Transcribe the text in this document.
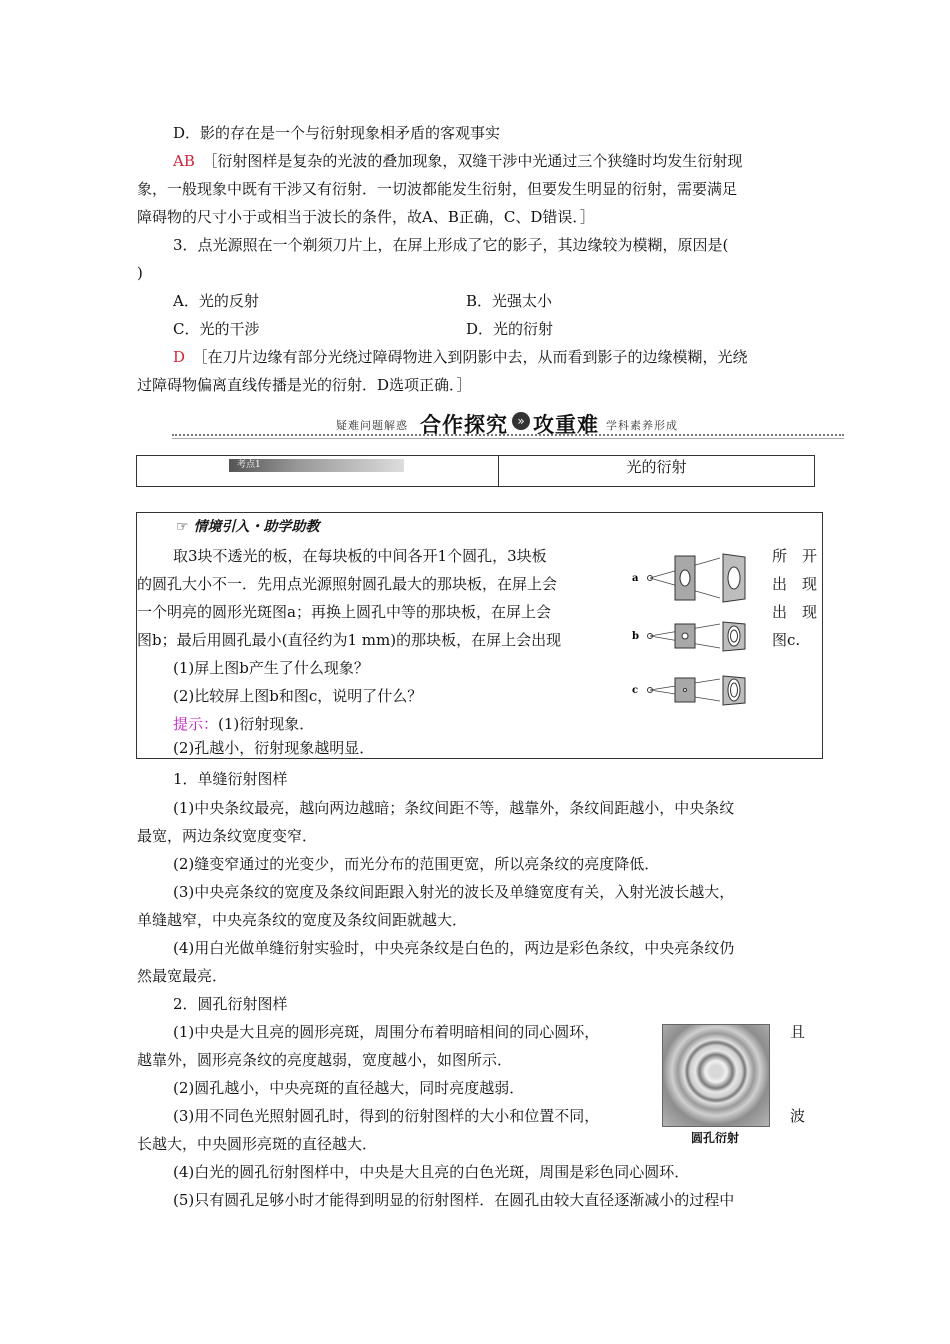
D．影的存在是一个与衍射现象相矛盾的客观事实
AB  ［衍射图样是复杂的光波的叠加现象，双缝干涉中光通过三个狭缝时均发生衍射现
象，一般现象中既有干涉又有衍射．一切波都能发生衍射，但要发生明显的衍射，需要满足
障碍物的尺寸小于或相当于波长的条件，故A、B正确，C、D错误．］
3．点光源照在一个剃须刀片上，在屏上形成了它的影子，其边缘较为模糊，原因是(
)
A．光的反射	B．光强太小
C．光的干涉	D．光的衍射
D  ［在刀片边缘有部分光绕过障碍物进入到阴影中去，从而看到影子的边缘模糊，光绕
过障碍物偏离直线传播是光的衍射．D选项正确．］
疑难问题解惑 合作探究 » 攻重难 学科素养形成
考点1	光的衍射
☞ 情境引入・助学助教
取3块不透光的板，在每块板的中间各开1个圆孔，3块板
的圆孔大小不一．先用点光源照射圆孔最大的那块板，在屏上会
一个明亮的圆形光斑图a；再换上圆孔中等的那块板，在屏上会
图b；最后用圆孔最小(直径约为1 mm)的那块板，在屏上会出现
所　开
出　现
出　现
图c.
(1)屏上图b产生了什么现象？
(2)比较屏上图b和图c，说明了什么？
提示：(1)衍射现象．
(2)孔越小，衍射现象越明显．
a
b
c
1．单缝衍射图样
(1)中央条纹最亮，越向两边越暗；条纹间距不等，越靠外，条纹间距越小，中央条纹
最宽，两边条纹宽度变窄．
(2)缝变窄通过的光变少，而光分布的范围更宽，所以亮条纹的亮度降低．
(3)中央亮条纹的宽度及条纹间距跟入射光的波长及单缝宽度有关，入射光波长越大，
单缝越窄，中央亮条纹的宽度及条纹间距就越大．
(4)用白光做单缝衍射实验时，中央亮条纹是白色的，两边是彩色条纹，中央亮条纹仍
然最宽最亮．
2．圆孔衍射图样
(1)中央是大且亮的圆形亮斑，周围分布着明暗相间的同心圆环，	且
越靠外，圆形亮条纹的亮度越弱，宽度越小，如图所示．
(2)圆孔越小，中央亮斑的直径越大，同时亮度越弱．
(3)用不同色光照射圆孔时，得到的衍射图样的大小和位置不同，	波
长越大，中央圆形亮斑的直径越大．
(4)白光的圆孔衍射图样中，中央是大且亮的白色光斑，周围是彩色同心圆环．
(5)只有圆孔足够小时才能得到明显的衍射图样．在圆孔由较大直径逐渐减小的过程中
圆孔衍射
